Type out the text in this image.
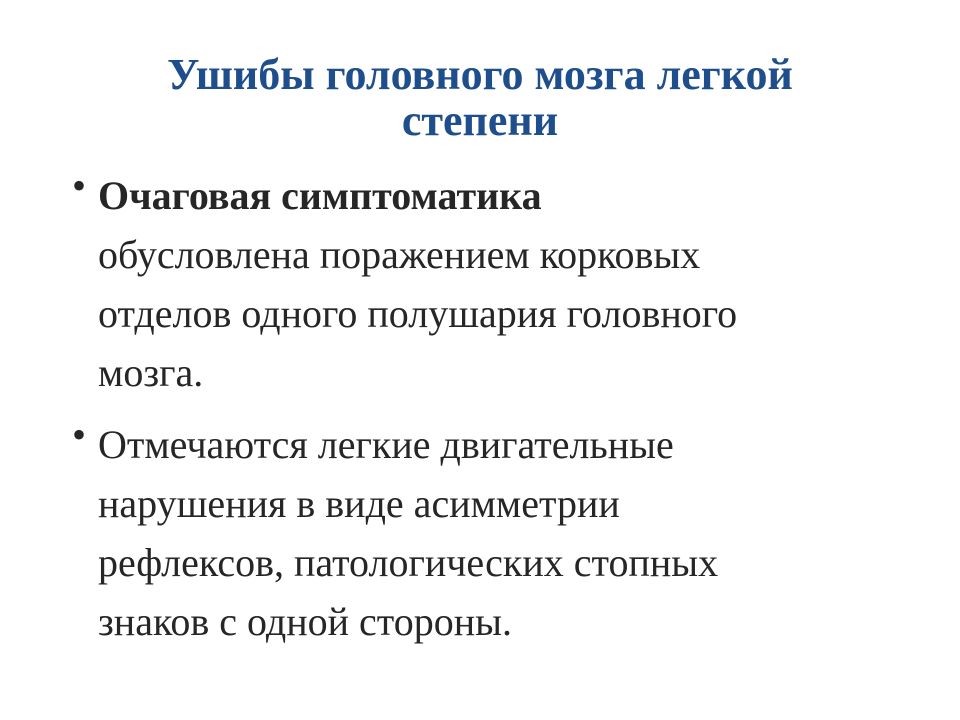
Ушибы головного мозга легкой
степени
• Очаговая симптоматика
обусловлена поражением корковых
отделов одного полушария головного
мозга.
• Отмечаются легкие двигательные
нарушения в виде асимметрии
рефлексов, патологических стопных
знаков с одной стороны.
